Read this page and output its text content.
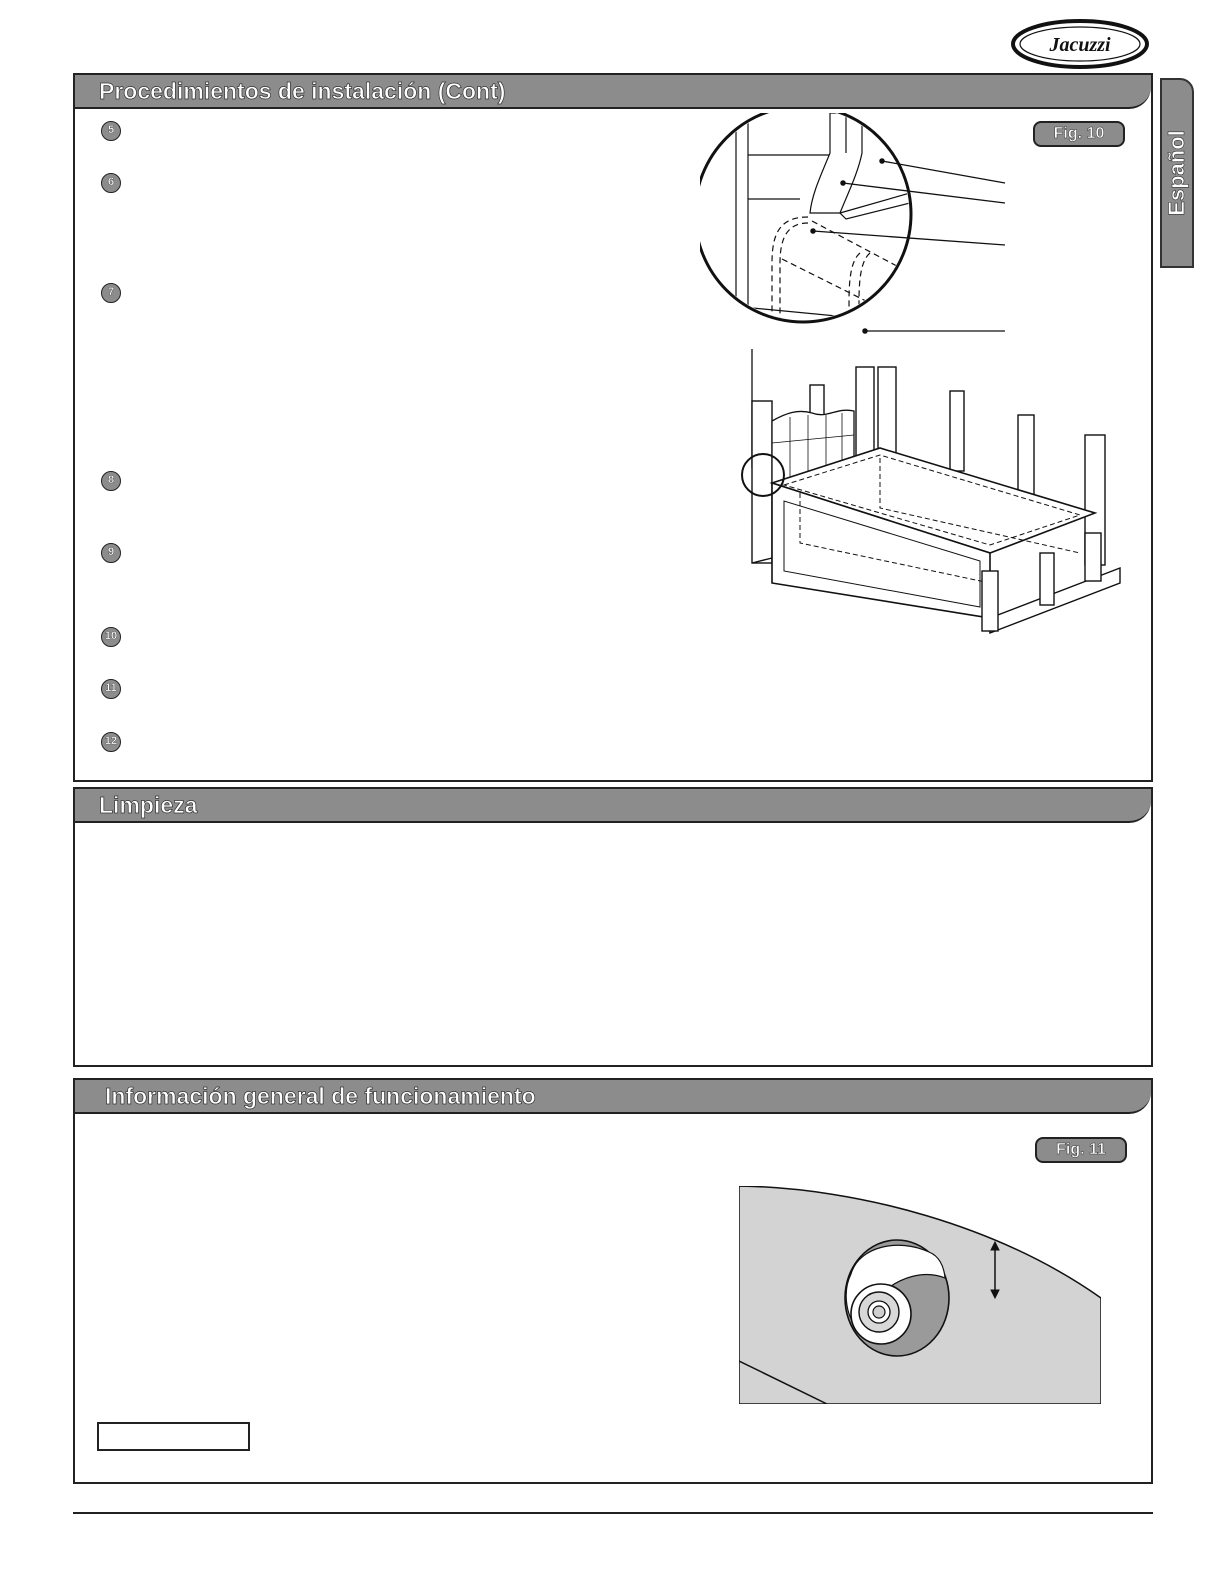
Jacuzzi
Español
Procedimientos de instalación (Cont)
5
6
7
8
9
10
11
12
Fig. 10
Limpieza
Información general de funcionamiento
Fig. 11
